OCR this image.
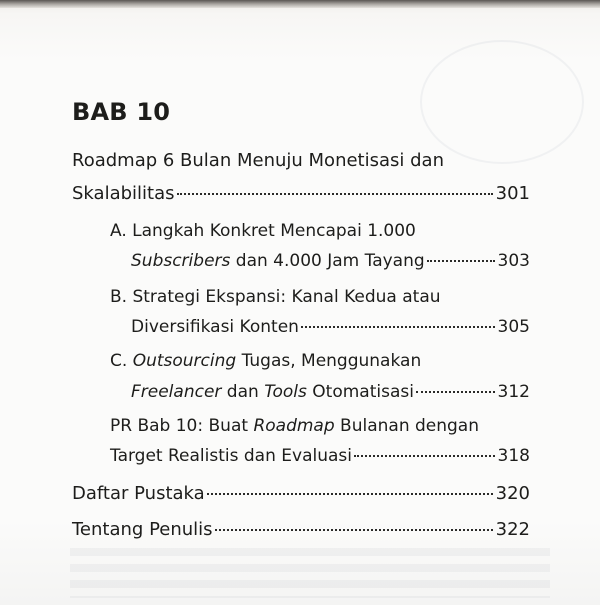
BAB 10
Roadmap 6 Bulan Menuju Monetisasi dan
Skalabilitas	301
A. Langkah Konkret Mencapai 1.000
Subscribers dan 4.000 Jam Tayang	303
B. Strategi Ekspansi: Kanal Kedua atau
Diversifikasi Konten	305
C. Outsourcing Tugas, Menggunakan
Freelancer dan Tools Otomatisasi	312
PR Bab 10: Buat Roadmap Bulanan dengan
Target Realistis dan Evaluasi	318
Daftar Pustaka	320
Tentang Penulis	322
